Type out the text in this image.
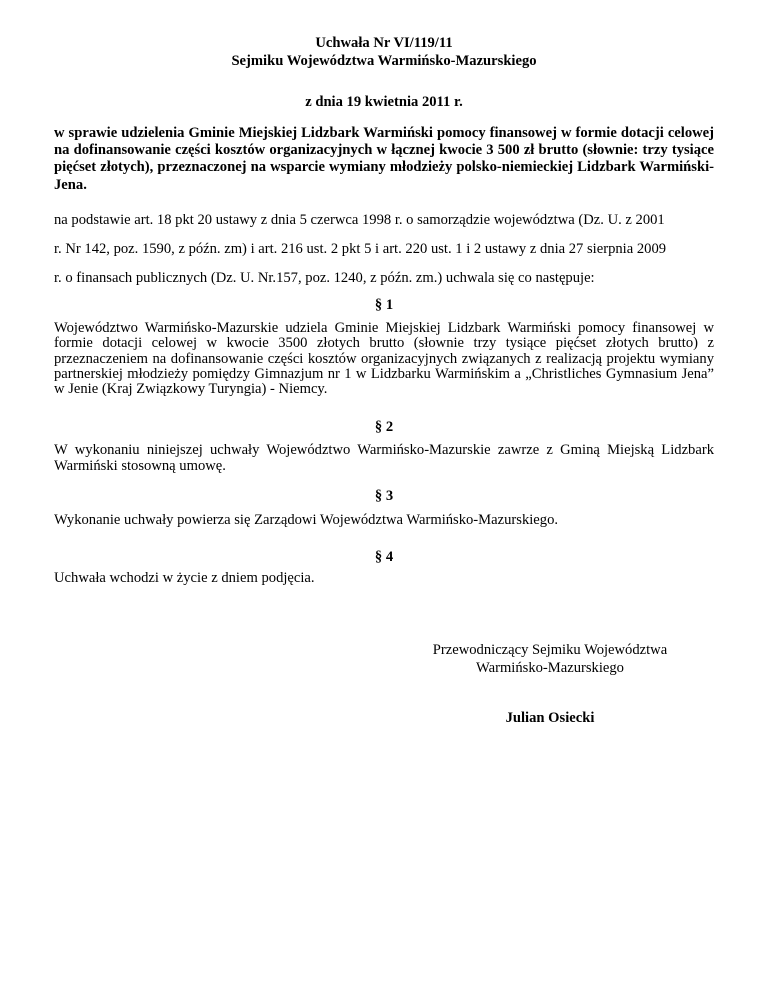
Uchwała Nr VI/119/11

Sejmiku Województwa Warmińsko-Mazurskiego

z dnia 19 kwietnia 2011 r.

w sprawie udzielenia Gminie Miejskiej Lidzbark Warmiński pomocy finansowej w formie dotacji celowej na dofinansowanie części kosztów organizacyjnych w łącznej kwocie 3 500 zł brutto (słownie: trzy tysiące pięćset złotych), przeznaczonej na wsparcie wymiany młodzieży polsko-niemieckiej Lidzbark Warmiński-Jena.

na podstawie art. 18 pkt 20 ustawy z dnia 5 czerwca 1998 r. o samorządzie województwa (Dz. U. z 2001
r. Nr 142, poz. 1590, z późn. zm) i art. 216 ust. 2 pkt 5 i art. 220 ust. 1 i 2 ustawy z dnia 27 sierpnia 2009
r. o finansach publicznych (Dz. U. Nr.157, poz. 1240, z późn. zm.) uchwala się co następuje:

§ 1

Województwo Warmińsko-Mazurskie udziela Gminie Miejskiej Lidzbark Warmiński pomocy finansowej w formie dotacji celowej w kwocie 3500 złotych brutto (słownie trzy tysiące pięćset złotych brutto) z przeznaczeniem na dofinansowanie części kosztów organizacyjnych związanych z realizacją projektu wymiany partnerskiej młodzieży pomiędzy Gimnazjum nr 1 w Lidzbarku Warmińskim a „Christliches Gymnasium Jena” w Jenie (Kraj Związkowy Turyngia) - Niemcy.

§ 2

W wykonaniu niniejszej uchwały Województwo Warmińsko-Mazurskie zawrze z Gminą Miejską Lidzbark Warmiński stosowną umowę.

§ 3

Wykonanie uchwały powierza się Zarządowi Województwa Warmińsko-Mazurskiego.

§ 4

Uchwała wchodzi w życie z dniem podjęcia.

Przewodniczący Sejmiku Województwa
Warmińsko-Mazurskiego

Julian Osiecki
